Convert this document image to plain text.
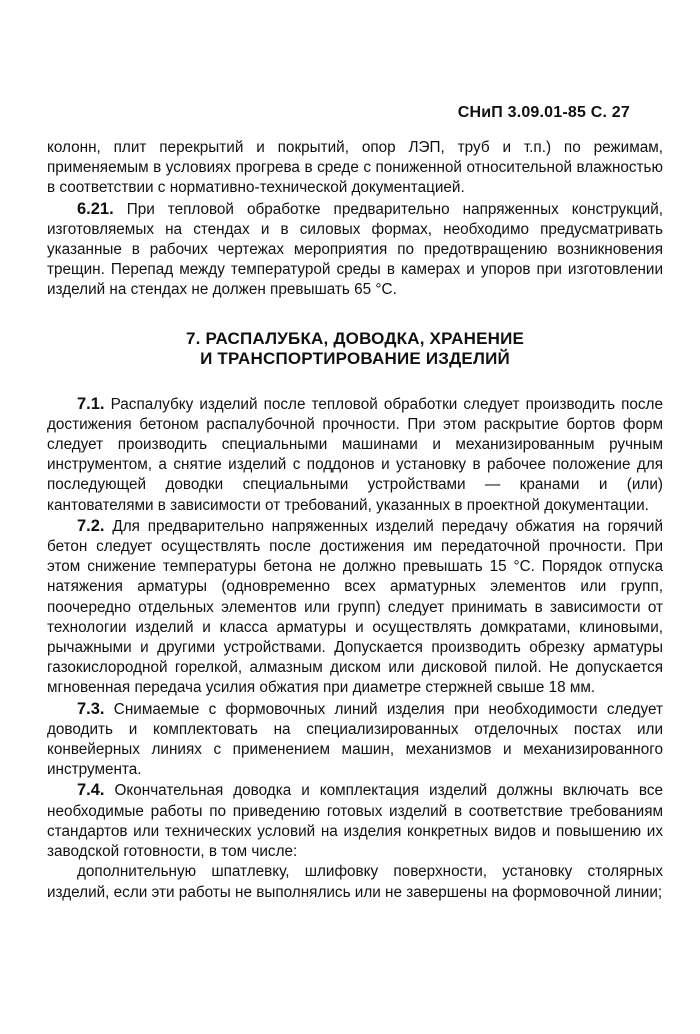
СНиП 3.09.01-85 С. 27

колонн, плит перекрытий и покрытий, опор ЛЭП, труб и т.п.) по режимам, применяемым в условиях прогрева в среде с пониженной относительной влажностью в соответствии с нормативно-технической документацией.

6.21. При тепловой обработке предварительно напряженных конструкций, изготовляемых на стендах и в силовых формах, необходимо предусматривать указанные в рабочих чертежах мероприятия по предотвращению возникновения трещин. Перепад между температурой среды в камерах и упоров при изготовлении изделий на стендах не должен превышать 65 °С.

7. РАСПАЛУБКА, ДОВОДКА, ХРАНЕНИЕ
И ТРАНСПОРТИРОВАНИЕ ИЗДЕЛИЙ

7.1. Распалубку изделий после тепловой обработки следует производить после достижения бетоном распалубочной прочности. При этом раскрытие бортов форм следует производить специальными машинами и механизированным ручным инструментом, а снятие изделий с поддонов и установку в рабочее положение для последующей доводки специальными устройствами — кранами и (или) кантователями в зависимости от требований, указанных в проектной документации.

7.2. Для предварительно напряженных изделий передачу обжатия на горячий бетон следует осуществлять после достижения им передаточной прочности. При этом снижение температуры бетона не должно превышать 15 °С. Порядок отпуска натяжения арматуры (одновременно всех арматурных элементов или групп, поочередно отдельных элементов или групп) следует принимать в зависимости от технологии изделий и класса арматуры и осуществлять домкратами, клиновыми, рычажными и другими устройствами. Допускается производить обрезку арматуры газокислородной горелкой, алмазным диском или дисковой пилой. Не допускается мгновенная передача усилия обжатия при диаметре стержней свыше 18 мм.

7.3. Снимаемые с формовочных линий изделия при необходимости следует доводить и комплектовать на специализированных отделочных постах или конвейерных линиях с применением машин, механизмов и механизированного инструмента.

7.4. Окончательная доводка и комплектация изделий должны включать все необходимые работы по приведению готовых изделий в соответствие требованиям стандартов или технических условий на изделия конкретных видов и повышению их заводской готовности, в том числе:

дополнительную шпатлевку, шлифовку поверхности, установку столярных изделий, если эти работы не выполнялись или не завершены на формовочной линии;
